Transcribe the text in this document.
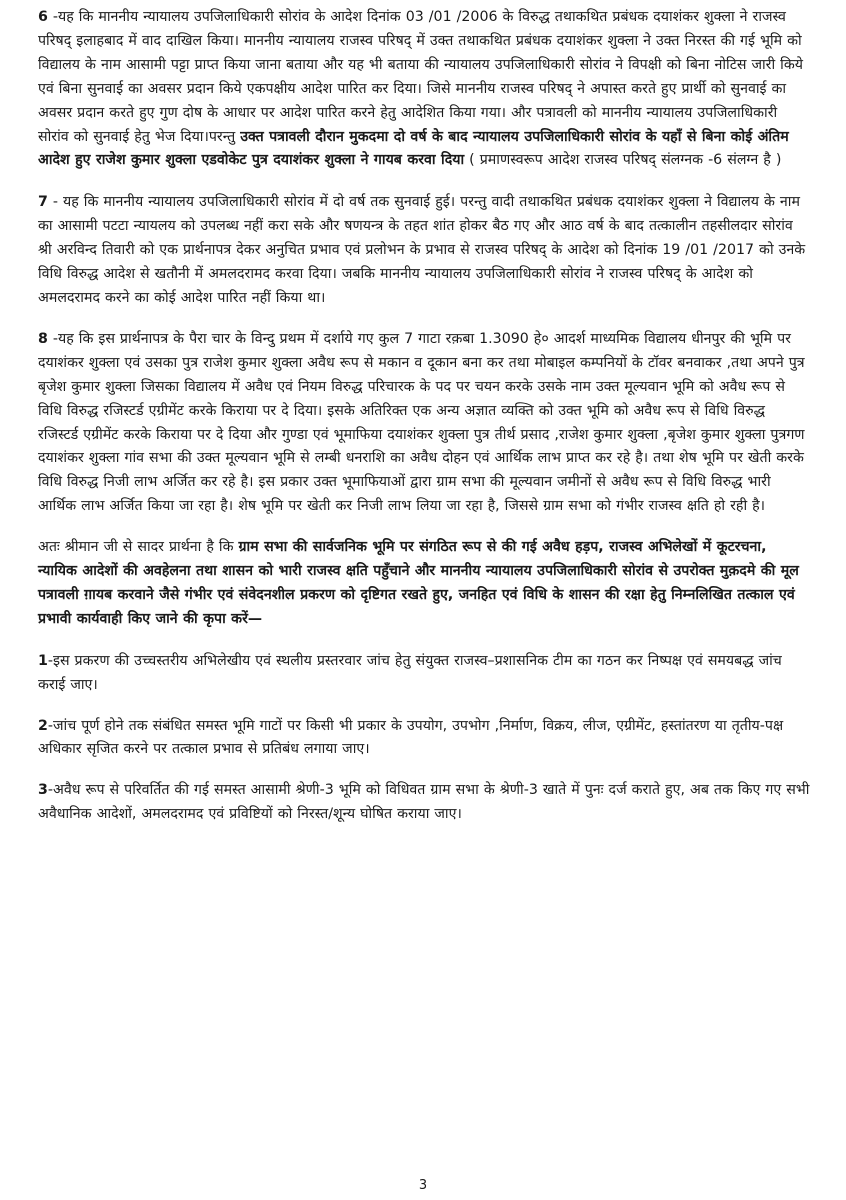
6 -यह कि माननीय न्यायालय उपजिलाधिकारी सोरांव के आदेश दिनांक 03 /01 /2006 के विरुद्ध तथाकथित प्रबंधक दयाशंकर शुक्ला ने राजस्व परिषद् इलाहबाद में वाद दाखिल किया। माननीय न्यायालय राजस्व परिषद् में उक्त तथाकथित प्रबंधक दयाशंकर शुक्ला ने उक्त निरस्त की गई भूमि को विद्यालय के नाम आसामी पट्टा प्राप्त किया जाना बताया और यह भी बताया की न्यायालय उपजिलाधिकारी सोरांव ने विपक्षी को बिना नोटिस जारी किये एवं बिना सुनवाई का अवसर प्रदान किये एकपक्षीय आदेश पारित कर दिया। जिसे माननीय राजस्व परिषद् ने अपास्त करते हुए प्रार्थी को सुनवाई का अवसर प्रदान करते हुए गुण दोष के आधार पर आदेश पारित करने हेतु आदेशित किया गया। और पत्रावली को माननीय न्यायालय उपजिलाधिकारी सोरांव को सुनवाई हेतु भेज दिया।परन्तु उक्त पत्रावली दौरान मुकदमा दो वर्ष के बाद न्यायालय उपजिलाधिकारी सोरांव के यहाँ से बिना कोई अंतिम आदेश हुए राजेश कुमार शुक्ला एडवोकेट पुत्र दयाशंकर शुक्ला ने गायब करवा दिया ( प्रमाणस्वरूप आदेश राजस्व परिषद् संलग्नक -6 संलग्न है )

7 - यह कि माननीय न्यायालय उपजिलाधिकारी सोरांव में दो वर्ष तक सुनवाई हुई। परन्तु वादी तथाकथित प्रबंधक दयाशंकर शुक्ला ने विद्यालय के नाम का आसामी पटटा न्यायलय को उपलब्ध नहीं करा सके और षणयन्त्र के तहत शांत होकर बैठ गए और आठ वर्ष के बाद तत्कालीन तहसीलदार सोरांव श्री अरविन्द तिवारी को एक प्रार्थनापत्र देकर अनुचित प्रभाव एवं प्रलोभन के प्रभाव से राजस्व परिषद् के आदेश को दिनांक 19 /01 /2017 को उनके विधि विरुद्ध आदेश से खतौनी में अमलदरामद करवा दिया। जबकि माननीय न्यायालय उपजिलाधिकारी सोरांव ने राजस्व परिषद् के आदेश को अमलदरामद करने का कोई आदेश पारित नहीं किया था।

8 -यह कि इस प्रार्थनापत्र के पैरा चार के विन्दु प्रथम में दर्शाये गए कुल 7 गाटा रक़बा 1.3090 हे० आदर्श माध्यमिक विद्यालय धीनपुर की भूमि पर दयाशंकर शुक्ला एवं उसका पुत्र राजेश कुमार शुक्ला अवैध रूप से मकान व दूकान बना कर तथा मोबाइल कम्पनियों के टॉवर बनवाकर ,तथा अपने पुत्र बृजेश कुमार शुक्ला जिसका विद्यालय में अवैध एवं नियम विरुद्ध परिचारक के पद पर चयन करके उसके नाम उक्त मूल्यवान भूमि को अवैध रूप से विधि विरुद्ध रजिस्टर्ड एग्रीमेंट करके किराया पर दे दिया। इसके अतिरिक्त एक अन्य अज्ञात व्यक्ति को उक्त भूमि को अवैध रूप से विधि विरुद्ध रजिस्टर्ड एग्रीमेंट करके किराया पर दे दिया और गुण्डा एवं भूमाफिया दयाशंकर शुक्ला पुत्र तीर्थ प्रसाद ,राजेश कुमार शुक्ला ,बृजेश कुमार शुक्ला पुत्रगण दयाशंकर शुक्ला गांव सभा की उक्त मूल्यवान भूमि से लम्बी धनराशि का अवैध दोहन एवं आर्थिक लाभ प्राप्त कर रहे है। तथा शेष भूमि पर खेती करके विधि विरुद्ध निजी लाभ अर्जित कर रहे है। इस प्रकार उक्त भूमाफियाओं द्वारा ग्राम सभा की मूल्यवान जमीनों से अवैध रूप से विधि विरुद्ध भारी आर्थिक लाभ अर्जित किया जा रहा है। शेष भूमि पर खेती कर निजी लाभ लिया जा रहा है, जिससे ग्राम सभा को गंभीर राजस्व क्षति हो रही है।

अतः श्रीमान जी से सादर प्रार्थना है कि ग्राम सभा की सार्वजनिक भूमि पर संगठित रूप से की गई अवैध हड़प, राजस्व अभिलेखों में कूटरचना, न्यायिक आदेशों की अवहेलना तथा शासन को भारी राजस्व क्षति पहुँचाने और माननीय न्यायालय उपजिलाधिकारी सोरांव से उपरोक्त मुक़दमे की मूल पत्रावली ग़ायब करवाने जैसे गंभीर एवं संवेदनशील प्रकरण को दृष्टिगत रखते हुए, जनहित एवं विधि के शासन की रक्षा हेतु निम्नलिखित तत्काल एवं प्रभावी कार्यवाही किए जाने की कृपा करें—

1-इस प्रकरण की उच्चस्तरीय अभिलेखीय एवं स्थलीय प्रस्तरवार जांच हेतु संयुक्त राजस्व–प्रशासनिक टीम का गठन कर निष्पक्ष एवं समयबद्ध जांच कराई जाए।

2-जांच पूर्ण होने तक संबंधित समस्त भूमि गाटों पर किसी भी प्रकार के उपयोग, उपभोग ,निर्माण, विक्रय, लीज, एग्रीमेंट, हस्तांतरण या तृतीय-पक्ष अधिकार सृजित करने पर तत्काल प्रभाव से प्रतिबंध लगाया जाए।

3-अवैध रूप से परिवर्तित की गई समस्त आसामी श्रेणी-3 भूमि को विधिवत ग्राम सभा के श्रेणी-3 खाते में पुनः दर्ज कराते हुए, अब तक किए गए सभी अवैधानिक आदेशों, अमलदरामद एवं प्रविष्टियों को निरस्त/शून्य घोषित कराया जाए।

3
